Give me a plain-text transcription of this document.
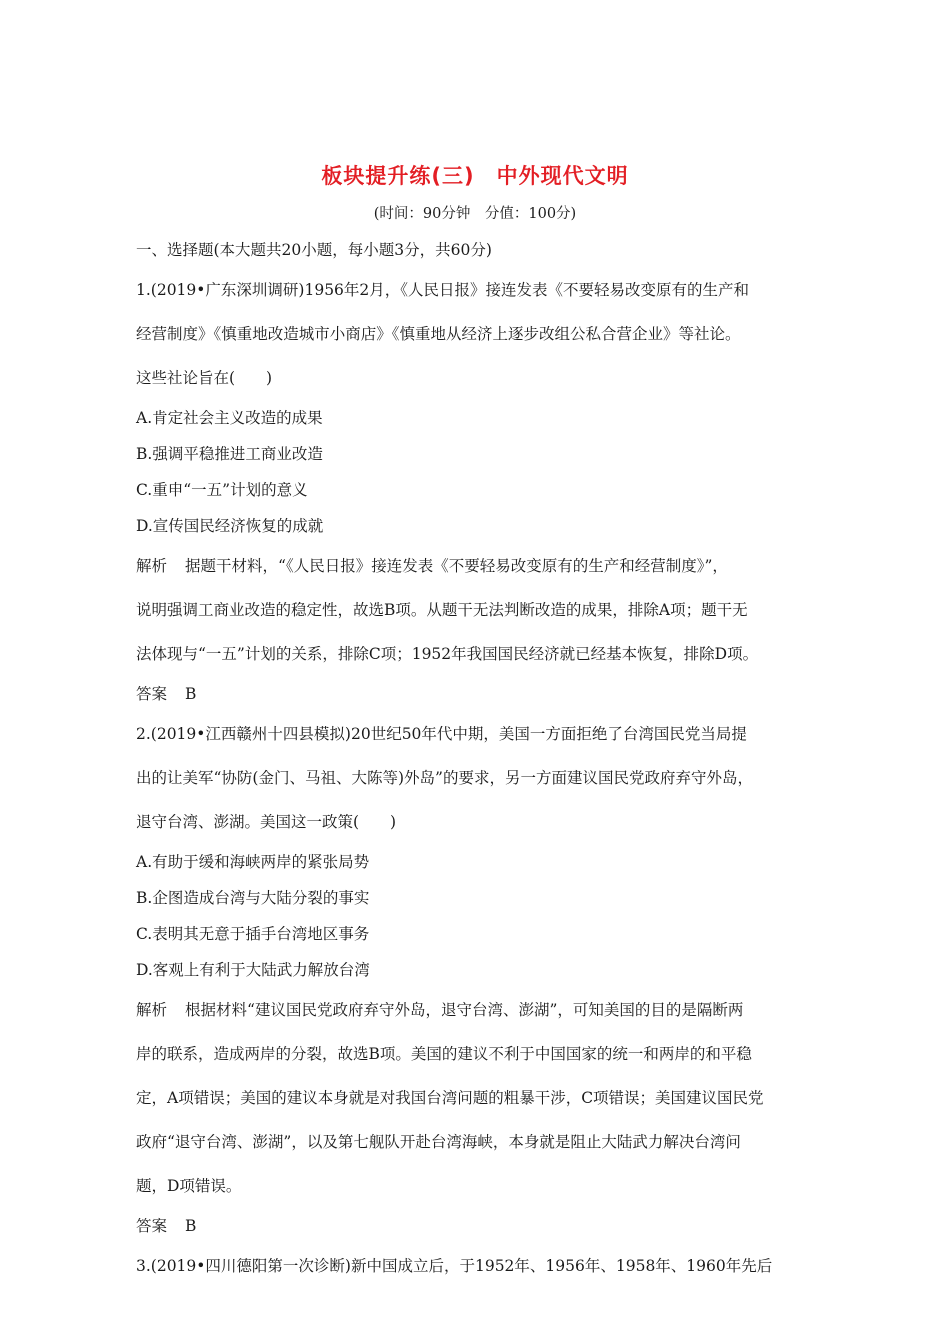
板块提升练(三)　中外现代文明
(时间：90分钟　分值：100分)
一、选择题(本大题共20小题，每小题3分，共60分)
1.(2019•广东深圳调研)1956年2月，《人民日报》接连发表《不要轻易改变原有的生产和
经营制度》《慎重地改造城市小商店》《慎重地从经济上逐步改组公私合营企业》等社论。
这些社论旨在(　　)
A.肯定社会主义改造的成果
B.强调平稳推进工商业改造
C.重申“一五”计划的意义
D.宣传国民经济恢复的成就
解析 据题干材料，“《人民日报》接连发表《不要轻易改变原有的生产和经营制度》”，
说明强调工商业改造的稳定性，故选B项。从题干无法判断改造的成果，排除A项；题干无
法体现与“一五”计划的关系，排除C项；1952年我国国民经济就已经基本恢复，排除D项。
答案 B
2.(2019•江西赣州十四县模拟)20世纪50年代中期，美国一方面拒绝了台湾国民党当局提
出的让美军“协防(金门、马祖、大陈等)外岛”的要求，另一方面建议国民党政府弃守外岛，
退守台湾、澎湖。美国这一政策(　　)
A.有助于缓和海峡两岸的紧张局势
B.企图造成台湾与大陆分裂的事实
C.表明其无意于插手台湾地区事务
D.客观上有利于大陆武力解放台湾
解析 根据材料“建议国民党政府弃守外岛，退守台湾、澎湖”，可知美国的目的是隔断两
岸的联系，造成两岸的分裂，故选B项。美国的建议不利于中国国家的统一和两岸的和平稳
定，A项错误；美国的建议本身就是对我国台湾问题的粗暴干涉，C项错误；美国建议国民党
政府“退守台湾、澎湖”，以及第七舰队开赴台湾海峡，本身就是阻止大陆武力解决台湾问
题，D项错误。
答案 B
3.(2019•四川德阳第一次诊断)新中国成立后，于1952年、1956年、1958年、1960年先后
